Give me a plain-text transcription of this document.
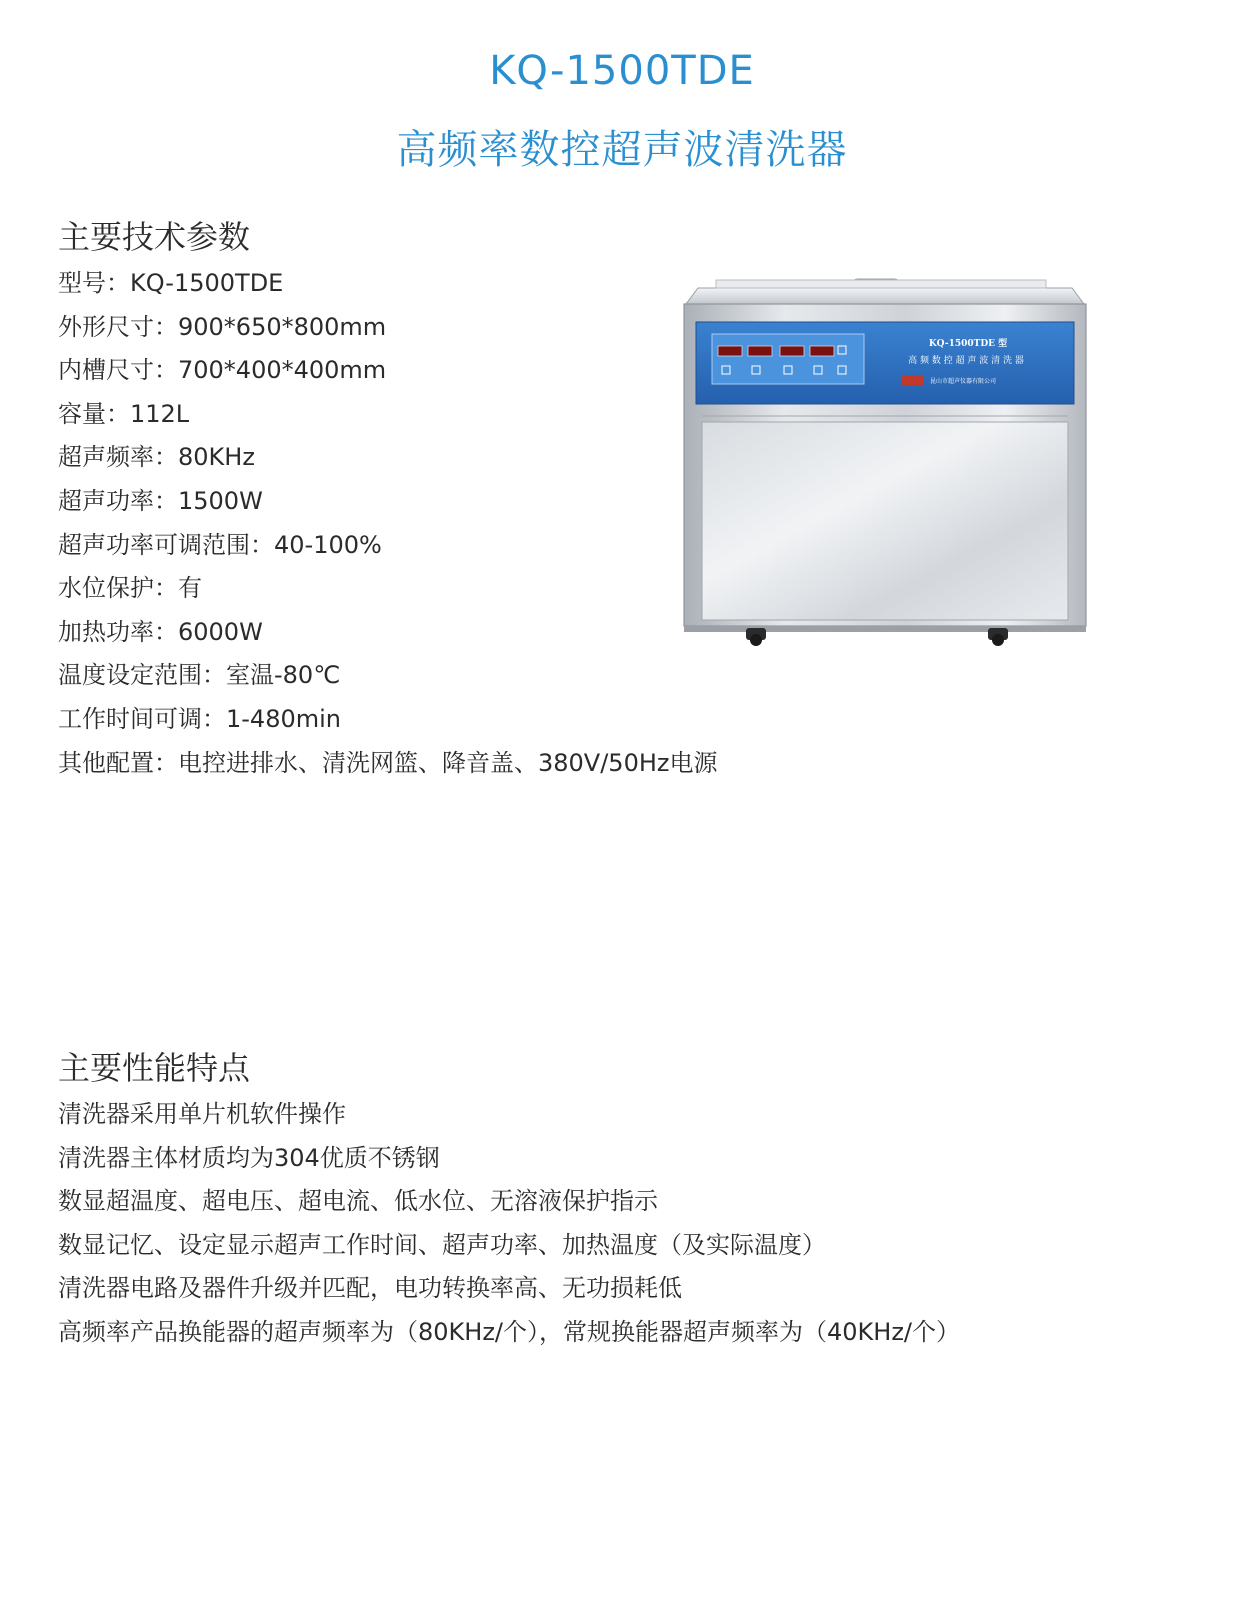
KQ-1500TDE
高频率数控超声波清洗器
主要技术参数
型号：KQ-1500TDE
外形尺寸：900*650*800mm
内槽尺寸：700*400*400mm
容量：112L
超声频率：80KHz
超声功率：1500W
超声功率可调范围：40-100%
水位保护：有
加热功率：6000W
温度设定范围：室温-80℃
工作时间可调：1-480min
其他配置：电控进排水、清洗网篮、降音盖、380V/50Hz电源
主要性能特点
清洗器采用单片机软件操作
清洗器主体材质均为304优质不锈钢
数显超温度、超电压、超电流、低水位、无溶液保护指示
数显记忆、设定显示超声工作时间、超声功率、加热温度（及实际温度）
清洗器电路及器件升级并匹配，电功转换率高、无功损耗低
高频率产品换能器的超声频率为（80KHz/个），常规换能器超声频率为（40KHz/个）
KQ-1500TDE 型
高 频 数 控 超 声 波 清 洗 器
昆山市超声仪器有限公司
